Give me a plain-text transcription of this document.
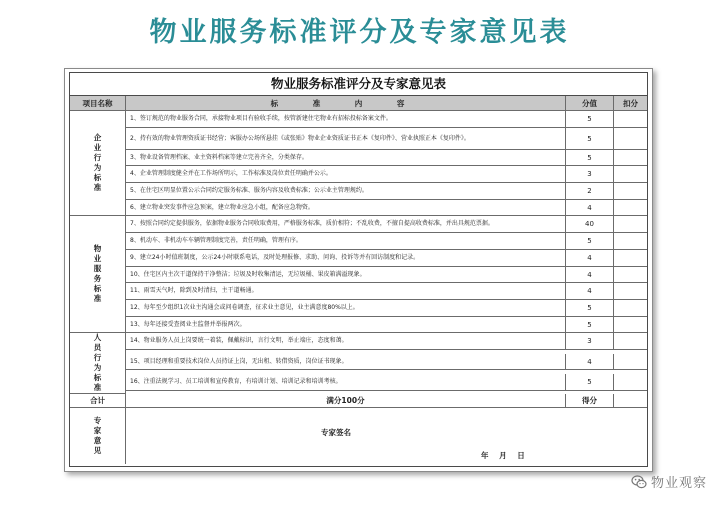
物业服务标准评分及专家意见表
物业服务标准评分及专家意见表
项目名称	标 准 内 容	分值	扣分
企业行为标准
1、签订规范的物业服务合同，承接物业项目有验收手续，按管新建住宅物业有招标投标备案文件。	5
2、持有效的物业管理资质证书经营；客服办公场所悬挂《或张贴》物业企业资质证书正本《复印件》、营业执照正本《复印件》。	5
3、物业设备管理档案、业主资料档案等建立完善齐全，分类保存。	5
4、企业管理制度健全并在工作场所明示，工作标准及岗位责任明确并公示。	3
5、在住宅区明显位置公示合同约定服务标准、服务内容及收费标准；公示业主管理规约。	2
6、建立物业突发事件应急预案，建立物业应急小组，配备应急物资。	4
物业服务标准
7、按照合同约定提供服务，依据物业服务合同收取费用，严格服务标准，质价相符；不乱收费，不擅自提高收费标准，并出具规范票据。	40
8、机动车、非机动车车辆管理制度完善，责任明确，管理有序。	5
9、建立24小时值班制度，公示24小时联系电话，及时处理报修、求助、问询、投诉等并有回访制度和记录。	4
10、住宅区内主次干道保持干净整洁；垃圾及时收集清运，无垃圾桶、果皮箱满溢现象。	4
11、雨雪天气时，除到及时清扫，主干道畅通。	4
12、每年至少组织1次业主沟通会或问卷调查，征求业主意见，业主满意度80%以上。	5
13、每年还接受查阅业主监督并举报两次。	5
人员行为标准
14、物业服务人员上岗要统一着装，佩戴标识，言行文明，举止端庄，态度和蔼。	3
15、项目经理和重要技术岗位人员持证上岗，无出租、转借资质，岗位证书现象。	4
16、注重法规学习、员工培训和宣传教育，有培训计划、培训记录和培训考核。	5
合计	满分100分	得分
专家意见
专家签名
年 月 日
物业观察
